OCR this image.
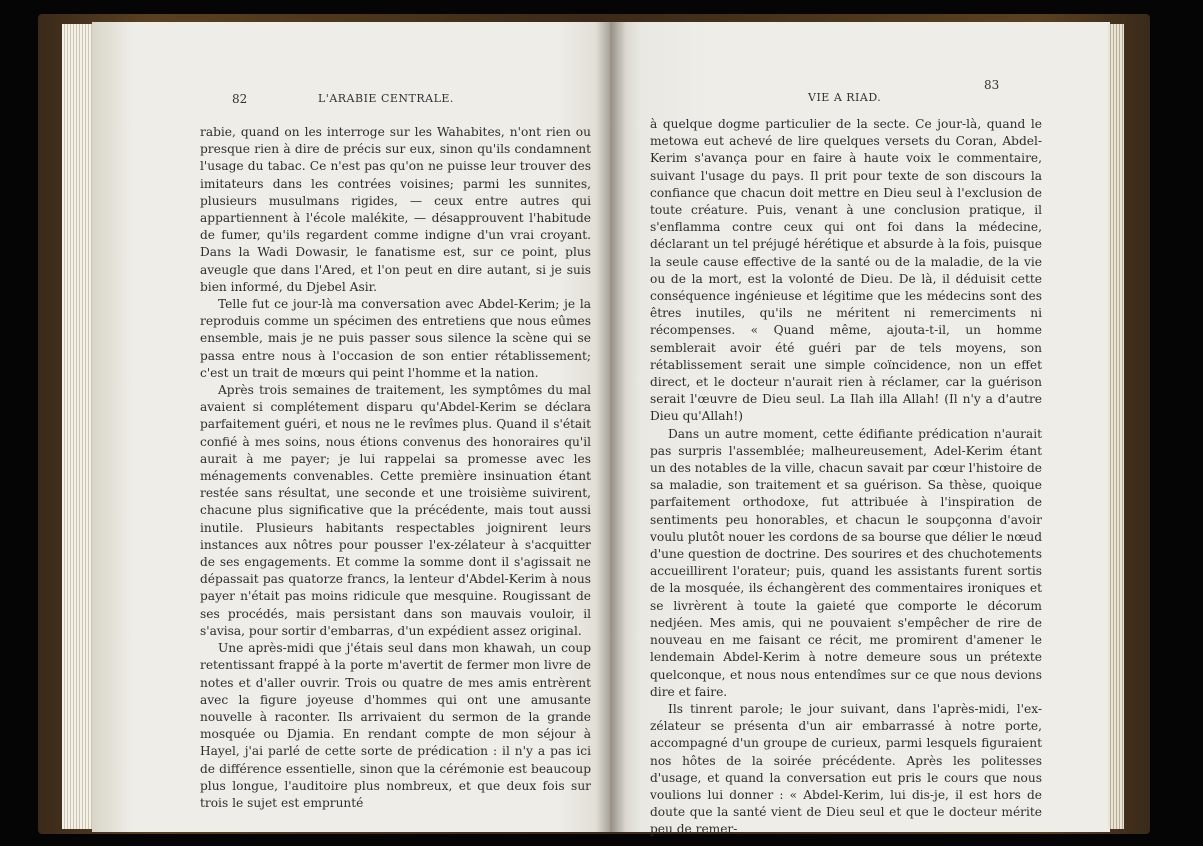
82	L'ARABIE CENTRALE.

rabie, quand on les interroge sur les Wahabites, n'ont rien ou presque rien à dire de précis sur eux, sinon qu'ils condamnent l'usage du tabac. Ce n'est pas qu'on ne puisse leur trouver des imitateurs dans les contrées voisines; parmi les sunnites, plusieurs musulmans rigides, — ceux entre autres qui appartiennent à l'école malékite, — désapprouvent l'habitude de fumer, qu'ils regardent comme indigne d'un vrai croyant. Dans la Wadi Dowasir, le fanatisme est, sur ce point, plus aveugle que dans l'Ared, et l'on peut en dire autant, si je suis bien informé, du Djebel Asir.

Telle fut ce jour-là ma conversation avec Abdel-Kerim; je la reproduis comme un spécimen des entretiens que nous eûmes ensemble, mais je ne puis passer sous silence la scène qui se passa entre nous à l'occasion de son entier rétablissement; c'est un trait de mœurs qui peint l'homme et la nation.

Après trois semaines de traitement, les symptômes du mal avaient si complétement disparu qu'Abdel-Kerim se déclara parfaitement guéri, et nous ne le revîmes plus. Quand il s'était confié à mes soins, nous étions convenus des honoraires qu'il aurait à me payer; je lui rappelai sa promesse avec les ménagements convenables. Cette première insinuation étant restée sans résultat, une seconde et une troisième suivirent, chacune plus significative que la précédente, mais tout aussi inutile. Plusieurs habitants respectables joignirent leurs instances aux nôtres pour pousser l'ex-zélateur à s'acquitter de ses engagements. Et comme la somme dont il s'agissait ne dépassait pas quatorze francs, la lenteur d'Abdel-Kerim à nous payer n'était pas moins ridicule que mesquine. Rougissant de ses procédés, mais persistant dans son mauvais vouloir, il s'avisa, pour sortir d'embarras, d'un expédient assez original.

Une après-midi que j'étais seul dans mon khawah, un coup retentissant frappé à la porte m'avertit de fermer mon livre de notes et d'aller ouvrir. Trois ou quatre de mes amis entrèrent avec la figure joyeuse d'hommes qui ont une amusante nouvelle à raconter. Ils arrivaient du sermon de la grande mosquée ou Djamia. En rendant compte de mon séjour à Hayel, j'ai parlé de cette sorte de prédication : il n'y a pas ici de différence essentielle, sinon que la cérémonie est beaucoup plus longue, l'auditoire plus nombreux, et que deux fois sur trois le sujet est emprunté

VIE A RIAD.
83

à quelque dogme particulier de la secte. Ce jour-là, quand le metowa eut achevé de lire quelques versets du Coran, Abdel-Kerim s'avança pour en faire à haute voix le commentaire, suivant l'usage du pays. Il prit pour texte de son discours la confiance que chacun doit mettre en Dieu seul à l'exclusion de toute créature. Puis, venant à une conclusion pratique, il s'enflamma contre ceux qui ont foi dans la médecine, déclarant un tel préjugé hérétique et absurde à la fois, puisque la seule cause effective de la santé ou de la maladie, de la vie ou de la mort, est la volonté de Dieu. De là, il déduisit cette conséquence ingénieuse et légitime que les médecins sont des êtres inutiles, qu'ils ne méritent ni remerciments ni récompenses. « Quand même, ajouta-t-il, un homme semblerait avoir été guéri par de tels moyens, son rétablissement serait une simple coïncidence, non un effet direct, et le docteur n'aurait rien à réclamer, car la guérison serait l'œuvre de Dieu seul. La Ilah illa Allah! (Il n'y a d'autre Dieu qu'Allah!)

Dans un autre moment, cette édifiante prédication n'aurait pas surpris l'assemblée; malheureusement, Adel-Kerim étant un des notables de la ville, chacun savait par cœur l'histoire de sa maladie, son traitement et sa guérison. Sa thèse, quoique parfaitement orthodoxe, fut attribuée à l'inspiration de sentiments peu honorables, et chacun le soupçonna d'avoir voulu plutôt nouer les cordons de sa bourse que délier le nœud d'une question de doctrine. Des sourires et des chuchotements accueillirent l'orateur; puis, quand les assistants furent sortis de la mosquée, ils échangèrent des commentaires ironiques et se livrèrent à toute la gaieté que comporte le décorum nedjéen. Mes amis, qui ne pouvaient s'empêcher de rire de nouveau en me faisant ce récit, me promirent d'amener le lendemain Abdel-Kerim à notre demeure sous un prétexte quelconque, et nous nous entendîmes sur ce que nous devions dire et faire.

Ils tinrent parole; le jour suivant, dans l'après-midi, l'ex-zélateur se présenta d'un air embarrassé à notre porte, accompagné d'un groupe de curieux, parmi lesquels figuraient nos hôtes de la soirée précédente. Après les politesses d'usage, et quand la conversation eut pris le cours que nous voulions lui donner : « Abdel-Kerim, lui dis-je, il est hors de doute que la santé vient de Dieu seul et que le docteur mérite peu de remer-
